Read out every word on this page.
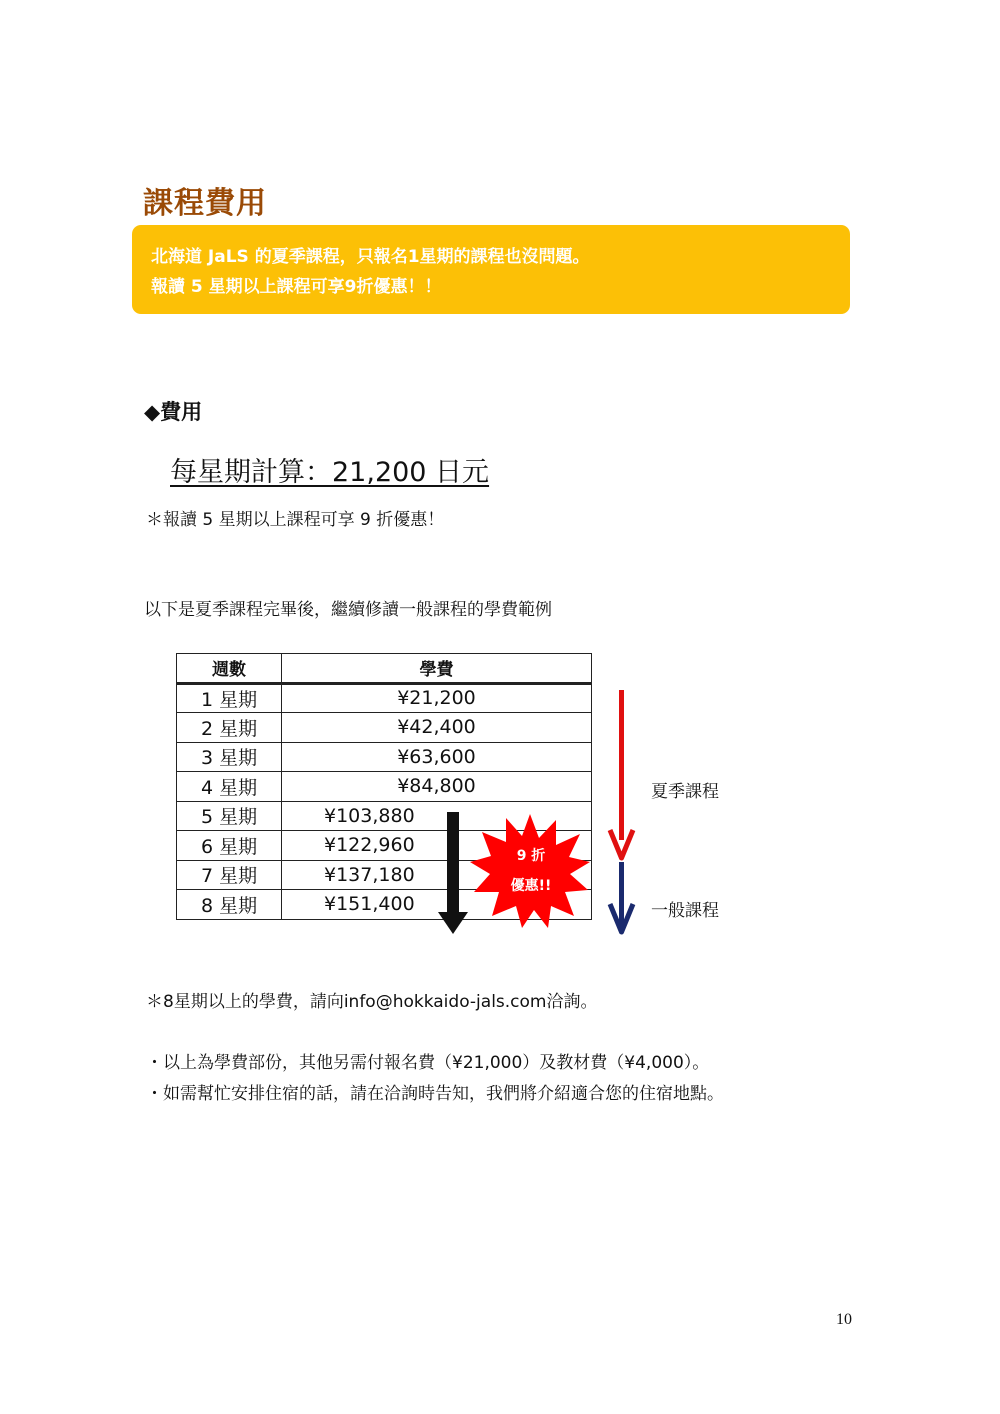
課程費用
北海道 JaLS 的夏季課程，只報名1星期的課程也沒問題。
報讀 5 星期以上課程可享9折優惠！！
◆費用
每星期計算：21,200 日元
＊報讀 5 星期以上課程可享 9 折優惠！
以下是夏季課程完畢後，繼續修讀一般課程的學費範例
週數	學費
1 星期	¥21,200
2 星期	¥42,400
3 星期	¥63,600
4 星期	¥84,800
5 星期	¥103,880
6 星期	¥122,960
7 星期	¥137,180
8 星期	¥151,400
9 折
優惠!!
夏季課程
一般課程
＊8星期以上的學費，請向info@hokkaido-jals.com洽詢。
・以上為學費部份，其他另需付報名費（¥21,000）及教材費（¥4,000）。
・如需幫忙安排住宿的話，請在洽詢時告知，我們將介紹適合您的住宿地點。
10
